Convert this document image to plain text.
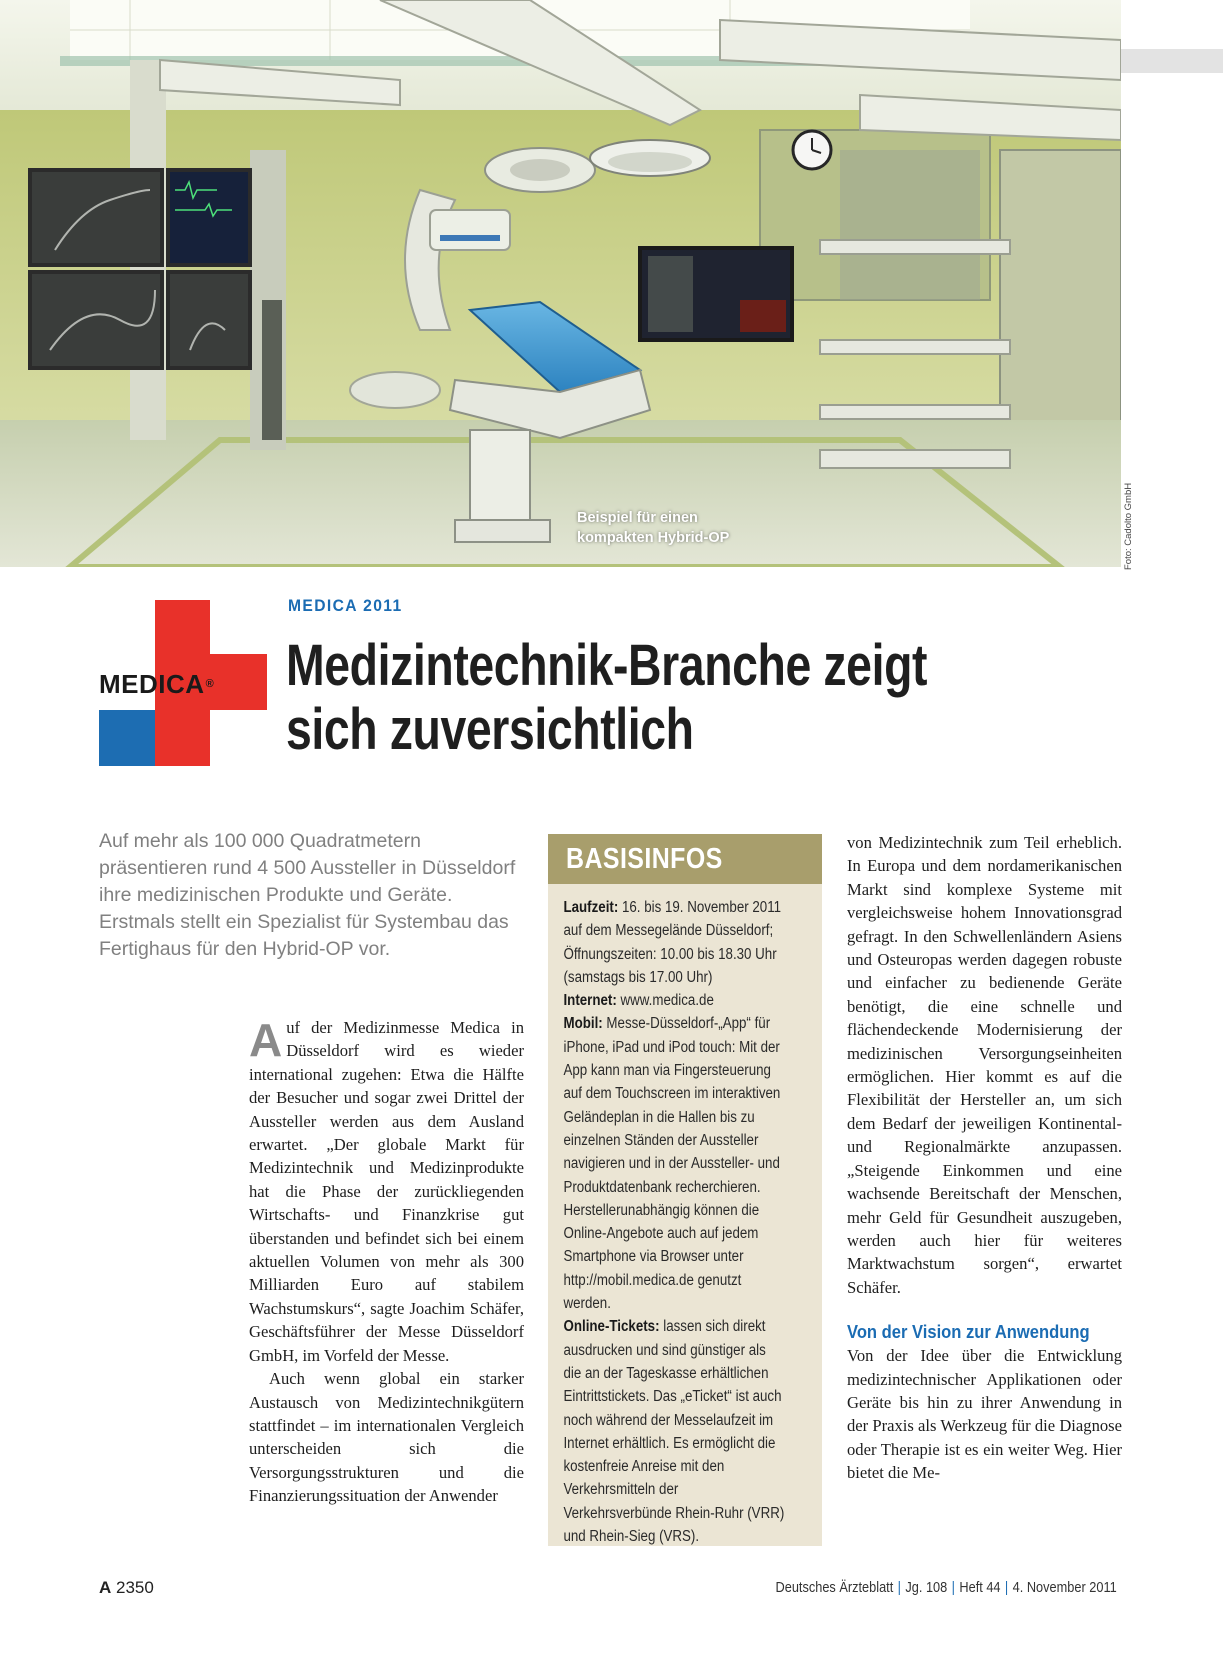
Beispiel für einen
kompakten Hybrid-OP	Foto: Cadolto GmbH
MEDICA®
MEDICA 2011
Medizintechnik-Branche zeigt sich zuversichtlich
Auf mehr als 100 000 Quadratmetern präsentieren rund 4 500 Aussteller in Düsseldorf ihre medizinischen Produkte und Geräte. Erstmals stellt ein Spezialist für Systembau das Fertighaus für den Hybrid-OP vor.

Auf der Medizinmesse Medica in Düsseldorf wird es wieder international zugehen: Etwa die Hälfte der Besucher und sogar zwei Drittel der Aussteller werden aus dem Ausland erwartet. „Der globale Markt für Medizintechnik und Medizinprodukte hat die Phase der zurückliegenden Wirtschafts- und Finanzkrise gut überstanden und befindet sich bei einem aktuellen Volumen von mehr als 300 Milliarden Euro auf stabilem Wachstumskurs“, sagte Joachim Schäfer, Geschäftsführer der Messe Düsseldorf GmbH, im Vorfeld der Messe.

Auch wenn global ein starker Austausch von Medizintechnikgütern stattfindet – im internationalen Vergleich unterscheiden sich die Versorgungsstrukturen und die Finanzierungssituation der Anwender

BASISINFOS

Laufzeit: 16. bis 19. November 2011 auf dem Messegelände Düsseldorf; Öffnungszeiten: 10.00 bis 18.30 Uhr (samstags bis 17.00 Uhr)

Internet: www.medica.de

Mobil: Messe-Düsseldorf-„App“ für iPhone, iPad und iPod touch: Mit der App kann man via Fingersteuerung auf dem Touchscreen im interaktiven Geländeplan in die Hallen bis zu einzelnen Ständen der Aussteller navigieren und in der Aussteller- und Produktdatenbank recherchieren. Herstellerunabhängig können die Online-Angebote auch auf jedem Smartphone via Browser unter http://mobil.medica.de genutzt werden.

Online-Tickets: lassen sich direkt ausdrucken und sind günstiger als die an der Tageskasse erhältlichen Eintrittstickets. Das „eTicket“ ist auch noch während der Messelaufzeit im Internet erhältlich. Es ermöglicht die kostenfreie Anreise mit den Verkehrsmitteln der Verkehrsverbünde Rhein-Ruhr (VRR) und Rhein-Sieg (VRS).

von Medizintechnik zum Teil erheblich. In Europa und dem nordamerikanischen Markt sind komplexe Systeme mit vergleichsweise hohem Innovationsgrad gefragt. In den Schwellenländern Asiens und Osteuropas werden dagegen robuste und einfacher zu bedienende Geräte benötigt, die eine schnelle und flächendeckende Modernisierung der medizinischen Versorgungseinheiten ermöglichen. Hier kommt es auf die Flexibilität der Hersteller an, um sich dem Bedarf der jeweiligen Kontinental- und Regionalmärkte anzupassen. „Steigende Einkommen und eine wachsende Bereitschaft der Menschen, mehr Geld für Gesundheit auszugeben, werden auch hier für weiteres Marktwachstum sorgen“, erwartet Schäfer.

Von der Vision zur Anwendung

Von der Idee über die Entwicklung medizintechnischer Applikationen oder Geräte bis hin zu ihrer Anwendung in der Praxis als Werkzeug für die Diagnose oder Therapie ist es ein weiter Weg. Hier bietet die Me-

A 2350	Deutsches Ärzteblatt | Jg. 108 | Heft 44 | 4. November 2011
